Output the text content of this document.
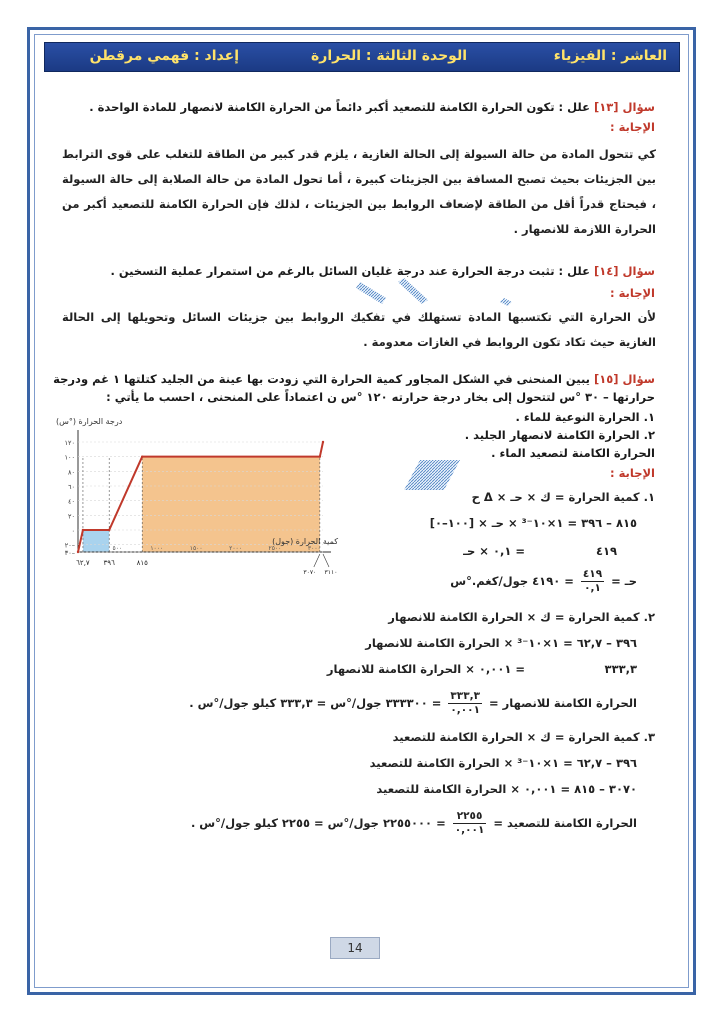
العاشر : الفيزياء
الوحدة الثالثة : الحرارة
إعداد : فهمي مرقطن
سؤال [١٣] علل : تكون الحرارة الكامنة للتصعيد أكبر دائماً من الحرارة الكامنة لانصهار للمادة الواحدة .
الإجابة :
كي تتحول المادة من حالة السيولة إلى الحالة الغازية ، يلزم قدر كبير من الطاقة للتغلب على قوى الترابط بين الجزيئات بحيث تصبح المسافة بين الجزيئات كبيرة ، أما تحول المادة من حالة الصلابة إلى حالة السيولة ، فيحتاج قدراً أقل من الطاقة لإضعاف الروابط بين الجزيئات ، لذلك فإن الحرارة الكامنة للتصعيد أكبر من الحرارة اللازمة للانصهار .
سؤال [١٤] علل : تثبت درجة الحرارة عند درجة غليان السائل بالرغم من استمرار عملية التسخين .
الإجابة :
لأن الحرارة التي تكتسبها المادة تستهلك في تفكيك الروابط بين جزيئات السائل وتحويلها إلى الحالة الغازية حيث تكاد تكون الروابط في الغازات معدومة .
سؤال [١٥] يبين المنحنى في الشكل المجاور كمية الحرارة التي زودت بها عينة من الجليد كتلتها ١ غم ودرجة
حرارتها – ٣٠ °س لتتحول إلى بخار درجة حرارته ١٢٠ °س ن اعتماداً على المنحنى ، احسب ما يأتي :
١. الحرارة النوعية للماء .
٢. الحرارة الكامنة لانصهار الجليد .
الحرارة الكامنة لتصعيد الماء .
الإجابة :
١٢٠
١٠٠
٨٠
٦٠
٤٠
٢٠
٠
٢٠–
٣٠–
٥٠٠	١٠٠٠	١٥٠٠	٢٠٠٠	٢٥٠٠	٣٠٠٠
٦٢,٧ ٣٩٦	٨١٥
٣٠٧٠ ٣١١٠
درجة الحرارة (°س)
كمية الحرارة (جول)
١. كمية الحرارة = ك × حـ × Δ ح
٨١٥ – ٣٩٦ = ١×١٠⁻³ × حـ × [١٠٠–٠]
٤١٩
= ٠,١ × حـ
حـ =
$\frac{٤١٩}{٠,١}$
= ٤١٩٠ جول/كغم.°س
٢. كمية الحرارة = ك × الحرارة الكامنة للانصهار
٣٩٦ – ٦٢,٧ = ١×١٠⁻³ × الحرارة الكامنة للانصهار
٣٣٣,٣
= ٠,٠٠١ × الحرارة الكامنة للانصهار
الحرارة الكامنة للانصهار =
$\frac{٣٣٣,٣}{٠,٠٠١}$
= ٣٣٣٣٠٠ جول/°س = ٣٣٣,٣ كيلو جول/°س .
٣. كمية الحرارة = ك × الحرارة الكامنة للتصعيد
٣٩٦ – ٦٢,٧ = ١×١٠⁻³ × الحرارة الكامنة للتصعيد
٣٠٧٠ – ٨١٥ = ٠,٠٠١ × الحرارة الكامنة للتصعيد
الحرارة الكامنة للتصعيد =
$\frac{٢٢٥٥}{٠,٠٠١}$
= ٢٢٥٥٠٠٠ جول/°س = ٢٢٥٥ كيلو جول/°س .
14
